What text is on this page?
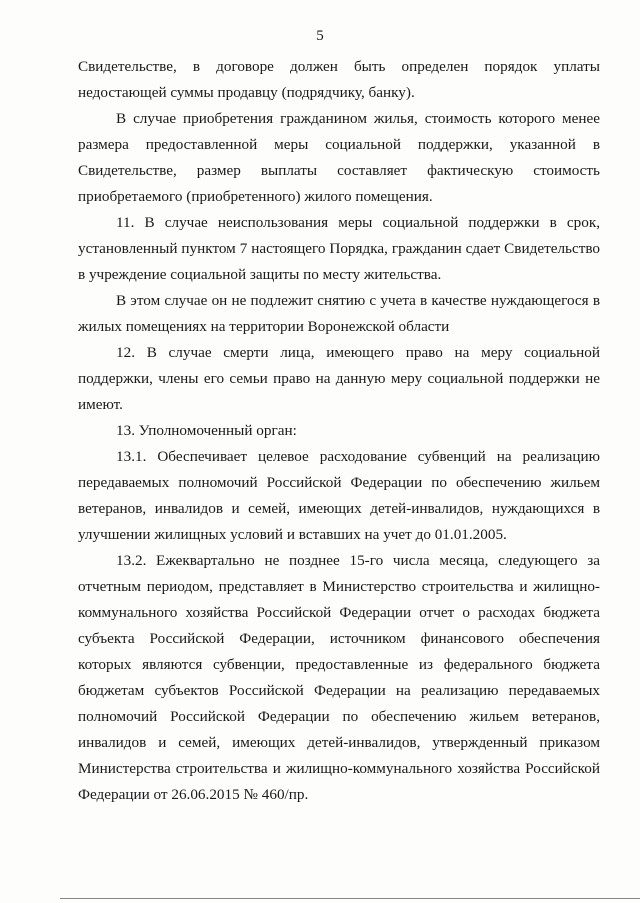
5

Свидетельстве, в договоре должен быть определен порядок уплаты недостающей суммы продавцу (подрядчику, банку).

В случае приобретения гражданином жилья, стоимость которого менее размера предоставленной меры социальной поддержки, указанной в Свидетельстве, размер выплаты составляет фактическую стоимость приобретаемого (приобретенного) жилого помещения.

11. В случае неиспользования меры социальной поддержки в срок, установленный пунктом 7 настоящего Порядка, гражданин сдает Свидетельство в учреждение социальной защиты по месту жительства.

В этом случае он не подлежит снятию с учета в качестве нуждающегося в жилых помещениях на территории Воронежской области

12. В случае смерти лица, имеющего право на меру социальной поддержки, члены его семьи право на данную меру социальной поддержки не имеют.

13. Уполномоченный орган:

13.1. Обеспечивает целевое расходование субвенций на реализацию передаваемых полномочий Российской Федерации по обеспечению жильем ветеранов, инвалидов и семей, имеющих детей-инвалидов, нуждающихся в улучшении жилищных условий и вставших на учет до 01.01.2005.

13.2. Ежеквартально не позднее 15-го числа месяца, следующего за отчетным периодом, представляет в Министерство строительства и жилищно-коммунального хозяйства Российской Федерации отчет о расходах бюджета субъекта Российской Федерации, источником финансового обеспечения которых являются субвенции, предоставленные из федерального бюджета бюджетам субъектов Российской Федерации на реализацию передаваемых полномочий Российской Федерации по обеспечению жильем ветеранов, инвалидов и семей, имеющих детей-инвалидов, утвержденный приказом Министерства строительства и жилищно-коммунального хозяйства Российской Федерации от 26.06.2015 № 460/пр.
